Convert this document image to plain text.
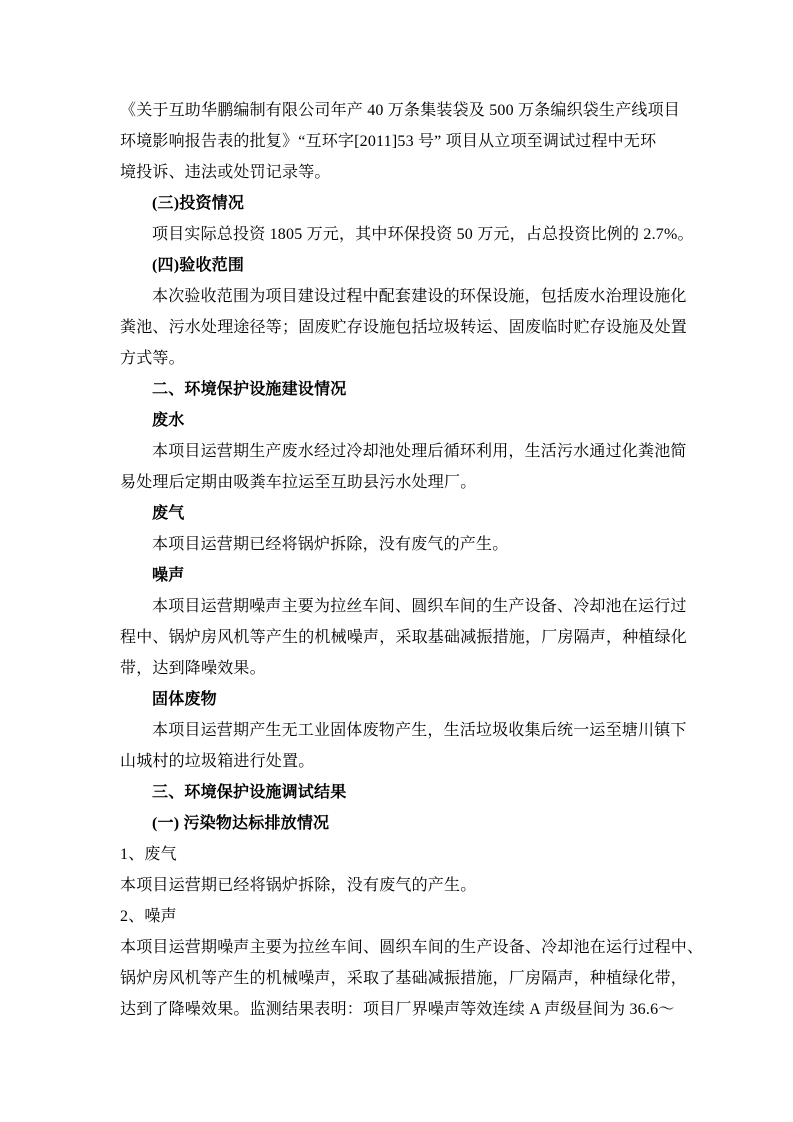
《关于互助华鹏编制有限公司年产 40 万条集装袋及 500 万条编织袋生产线项目

环境影响报告表的批复》“互环字[2011]53 号” 项目从立项至调试过程中无环

境投诉、违法或处罚记录等。

(三)投资情况

项目实际总投资 1805 万元，其中环保投资 50 万元，占总投资比例的 2.7%。

(四)验收范围

本次验收范围为项目建设过程中配套建设的环保设施，包括废水治理设施化

粪池、污水处理途径等；固废贮存设施包括垃圾转运、固废临时贮存设施及处置

方式等。

二、环境保护设施建设情况

废水

本项目运营期生产废水经过冷却池处理后循环利用，生活污水通过化粪池简

易处理后定期由吸粪车拉运至互助县污水处理厂。

废气

本项目运营期已经将锅炉拆除，没有废气的产生。

噪声

本项目运营期噪声主要为拉丝车间、圆织车间的生产设备、冷却池在运行过

程中、锅炉房风机等产生的机械噪声，采取基础减振措施，厂房隔声，种植绿化

带，达到降噪效果。

固体废物

本项目运营期产生无工业固体废物产生，生活垃圾收集后统一运至塘川镇下

山城村的垃圾箱进行处置。

三、环境保护设施调试结果

(一) 污染物达标排放情况

1、废气

本项目运营期已经将锅炉拆除，没有废气的产生。

2、噪声

本项目运营期噪声主要为拉丝车间、圆织车间的生产设备、冷却池在运行过程中、

锅炉房风机等产生的机械噪声，采取了基础减振措施，厂房隔声，种植绿化带，

达到了降噪效果。监测结果表明：项目厂界噪声等效连续 A 声级昼间为 36.6～
